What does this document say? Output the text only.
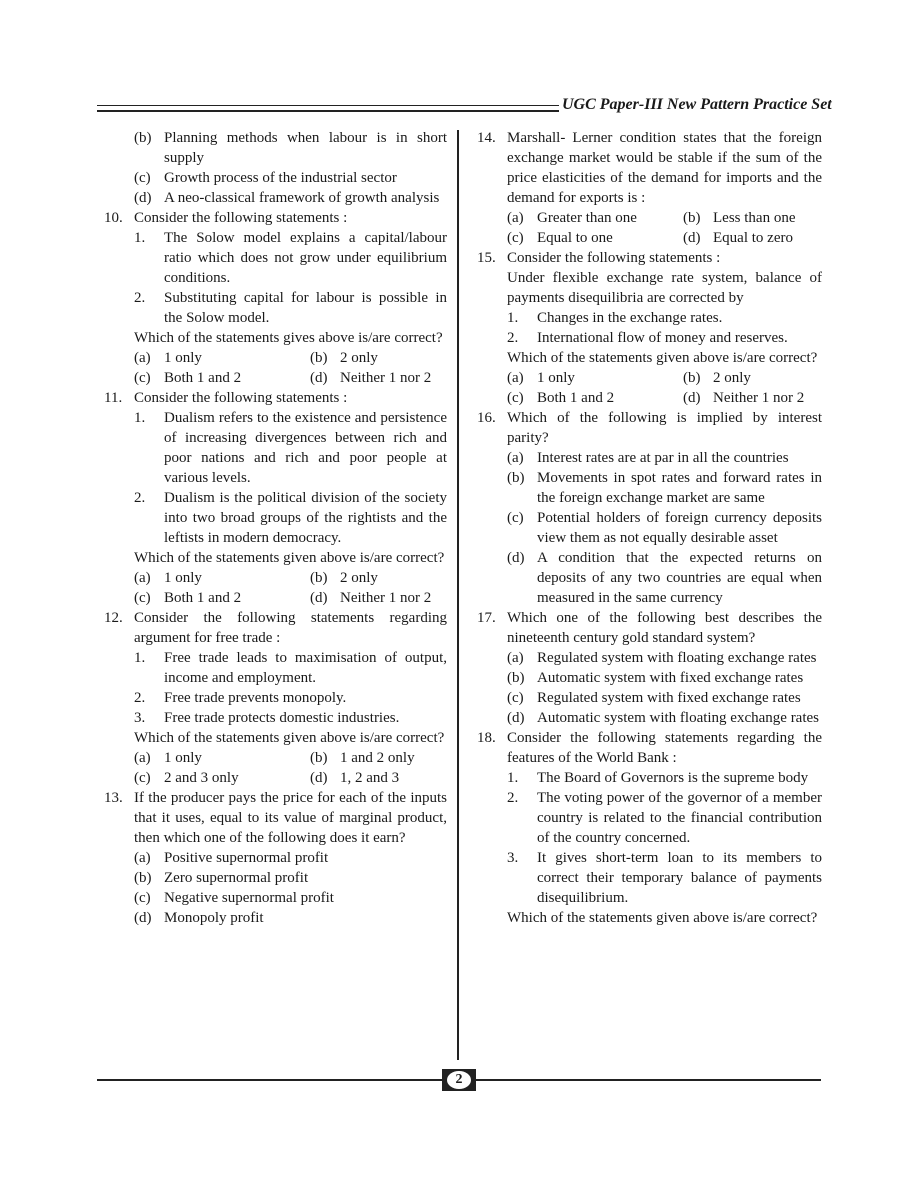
UGC Paper-III New Pattern Practice Set
(b) Planning methods when labour is in short supply
(c) Growth process of the industrial sector
(d) A neo-classical framework of growth analysis
10. Consider the following statements :
1. The Solow model explains a capital/labour ratio which does not grow under equilibrium conditions.
2. Substituting capital for labour is possible in the Solow model.
Which of the statements gives above is/are correct?
(a) 1 only	(b) 2 only
(c) Both 1 and 2	(d) Neither 1 nor 2
11. Consider the following statements :
1. Dualism refers to the existence and persistence of increasing divergences between rich and poor nations and rich and poor people at various levels.
2. Dualism is the political division of the society into two broad groups of the rightists and the leftists in modern democracy.
Which of the statements given above is/are correct?
(a) 1 only	(b) 2 only
(c) Both 1 and 2	(d) Neither 1 nor 2
12. Consider the following statements regarding argument for free trade :
1. Free trade leads to maximisation of output, income and employment.
2. Free trade prevents monopoly.
3. Free trade protects domestic industries.
Which of the statements given above is/are correct?
(a) 1 only	(b) 1 and 2 only
(c) 2 and 3 only	(d) 1, 2 and 3
13. If the producer pays the price for each of the inputs that it uses, equal to its value of marginal product, then which one of the following does it earn?
(a) Positive supernormal profit
(b) Zero supernormal profit
(c) Negative supernormal profit
(d) Monopoly profit
14. Marshall- Lerner condition states that the foreign exchange market would be stable if the sum of the price elasticities of the demand for imports and the demand for exports is :
(a) Greater than one	(b) Less than one
(c) Equal to one	(d) Equal to zero
15. Consider the following statements :
Under flexible exchange rate system, balance of payments disequilibria are corrected by
1. Changes in the exchange rates.
2. International flow of money and reserves.
Which of the statements given above is/are correct?
(a) 1 only	(b) 2 only
(c) Both 1 and 2	(d) Neither 1 nor 2
16. Which of the following is implied by interest parity?
(a) Interest rates are at par in all the countries
(b) Movements in spot rates and forward rates in the foreign exchange market are same
(c) Potential holders of foreign currency deposits view them as not equally desirable asset
(d) A condition that the expected returns on deposits of any two countries are equal when measured in the same currency
17. Which one of the following best describes the nineteenth century gold standard system?
(a) Regulated system with floating exchange rates
(b) Automatic system with fixed exchange rates
(c) Regulated system with fixed exchange rates
(d) Automatic system with floating exchange rates
18. Consider the following statements regarding the features of the World Bank :
1. The Board of Governors is the supreme body
2. The voting power of the governor of a member country is related to the financial contribution of the country concerned.
3. It gives short-term loan to its members to correct their temporary balance of payments disequilibrium.
Which of the statements given above is/are correct?
2
